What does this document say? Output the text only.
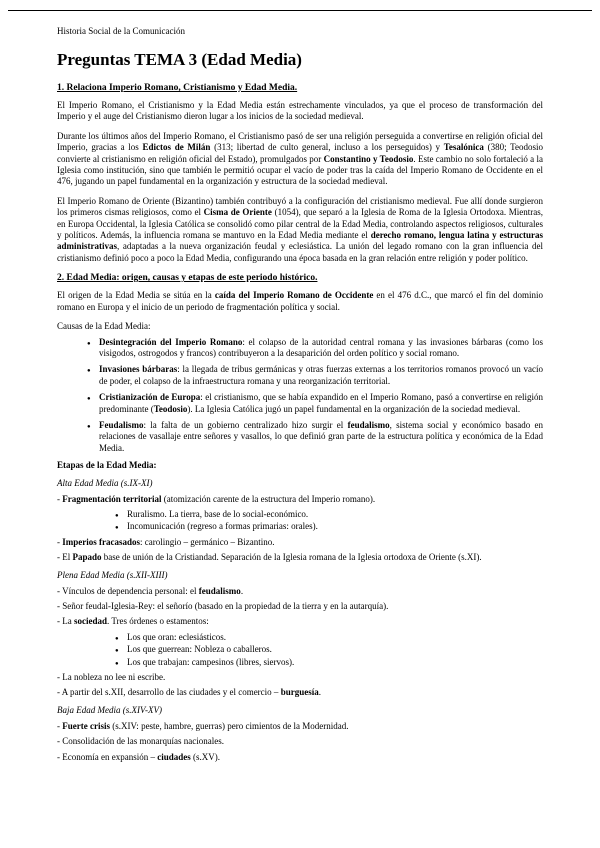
Historia Social de la Comunicación
Preguntas TEMA 3 (Edad Media)
1. Relaciona Imperio Romano, Cristianismo y Edad Media.

El Imperio Romano, el Cristianismo y la Edad Media están estrechamente vinculados, ya que el proceso de transformación del Imperio y el auge del Cristianismo dieron lugar a los inicios de la sociedad medieval.

Durante los últimos años del Imperio Romano, el Cristianismo pasó de ser una religión perseguida a convertirse en religión oficial del Imperio, gracias a los Edictos de Milán (313; libertad de culto general, incluso a los perseguidos) y Tesalónica (380; Teodosio convierte al cristianismo en religión oficial del Estado), promulgados por Constantino y Teodosio. Este cambio no solo fortaleció a la Iglesia como institución, sino que también le permitió ocupar el vacío de poder tras la caída del Imperio Romano de Occidente en el 476, jugando un papel fundamental en la organización y estructura de la sociedad medieval.

El Imperio Romano de Oriente (Bizantino) también contribuyó a la configuración del cristianismo medieval. Fue allí donde surgieron los primeros cismas religiosos, como el Cisma de Oriente (1054), que separó a la Iglesia de Roma de la Iglesia Ortodoxa. Mientras, en Europa Occidental, la Iglesia Católica se consolidó como pilar central de la Edad Media, controlando aspectos religiosos, culturales y políticos. Además, la influencia romana se mantuvo en la Edad Media mediante el derecho romano, lengua latina y estructuras administrativas, adaptadas a la nueva organización feudal y eclesiástica. La unión del legado romano con la gran influencia del cristianismo definió poco a poco la Edad Media, configurando una época basada en la gran relación entre religión y poder político.

2. Edad Media: origen, causas y etapas de este periodo histórico.

El origen de la Edad Media se sitúa en la caída del Imperio Romano de Occidente en el 476 d.C., que marcó el fin del dominio romano en Europa y el inicio de un periodo de fragmentación política y social.

Causas de la Edad Media:

● Desintegración del Imperio Romano: el colapso de la autoridad central romana y las invasiones bárbaras (como los visigodos, ostrogodos y francos) contribuyeron a la desaparición del orden político y social romano.
● Invasiones bárbaras: la llegada de tribus germánicas y otras fuerzas externas a los territorios romanos provocó un vacío de poder, el colapso de la infraestructura romana y una reorganización territorial.
● Cristianización de Europa: el cristianismo, que se había expandido en el Imperio Romano, pasó a convertirse en religión predominante (Teodosio). La Iglesia Católica jugó un papel fundamental en la organización de la sociedad medieval.
● Feudalismo: la falta de un gobierno centralizado hizo surgir el feudalismo, sistema social y económico basado en relaciones de vasallaje entre señores y vasallos, lo que definió gran parte de la estructura política y económica de la Edad Media.

Etapas de la Edad Media:

Alta Edad Media (s.IX-XI)

- Fragmentación territorial (atomización carente de la estructura del Imperio romano).

● Ruralismo. La tierra, base de lo social-económico.
● Incomunicación (regreso a formas primarias: orales).

- Imperios fracasados: carolingio – germánico – Bizantino.

- El Papado base de unión de la Cristiandad. Separación de la Iglesia romana de la Iglesia ortodoxa de Oriente (s.XI).

Plena Edad Media (s.XII-XIII)

- Vínculos de dependencia personal: el feudalismo.

- Señor feudal-Iglesia-Rey: el señorío (basado en la propiedad de la tierra y en la autarquía).

- La sociedad. Tres órdenes o estamentos:

● Los que oran: eclesiásticos.
● Los que guerrean: Nobleza o caballeros.
● Los que trabajan: campesinos (libres, siervos).

- La nobleza no lee ni escribe.

- A partir del s.XII, desarrollo de las ciudades y el comercio – burguesía.

Baja Edad Media (s.XIV-XV)

- Fuerte crisis (s.XIV: peste, hambre, guerras) pero cimientos de la Modernidad.

- Consolidación de las monarquías nacionales.

- Economía en expansión – ciudades (s.XV).
